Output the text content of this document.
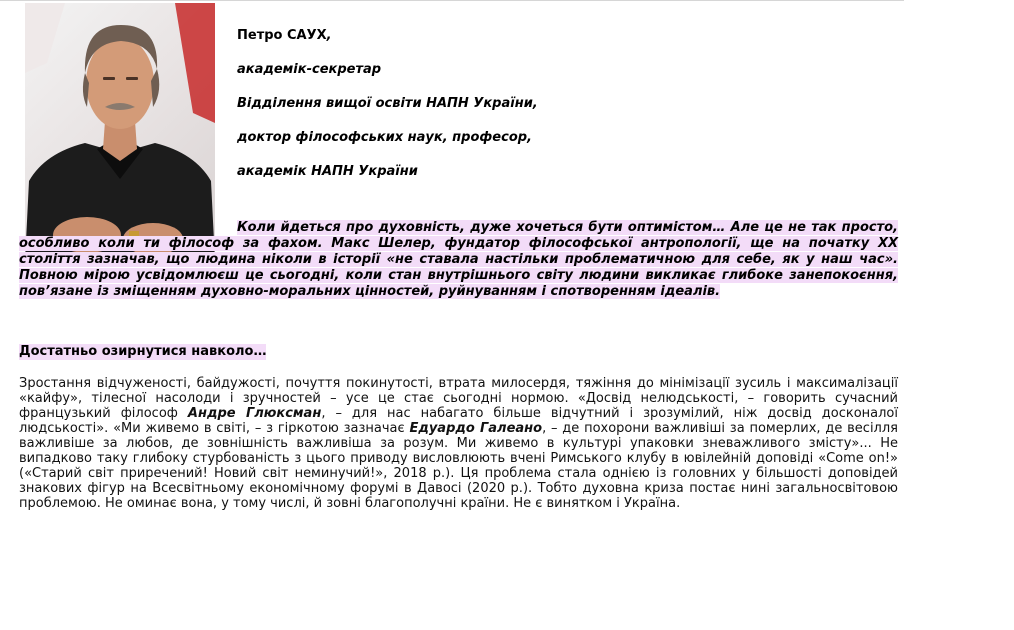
Петро САУХ,

академік-секретар

Відділення вищої освіти НАПН України,

доктор філософських наук, професор,

академік НАПН України

Коли йдеться про духовність, дуже хочеться бути оптимістом… Але це не так просто, особливо коли ти філософ за фахом. Макс Шелер, фундатор філософської антропології, ще на початку ХХ століття зазначав, що людина ніколи в історії «не ставала настільки проблематичною для себе, як у наш час». Повною мірою усвідомлюєш це сьогодні, коли стан внутрішнього світу людини викликає глибоке занепокоєння, пов’язане із зміщенням духовно-моральних цінностей, руйнуванням і спотворенням ідеалів.
Достатньо озирнутися навколо…
Зростання відчуженості, байдужості, почуття покинутості, втрата милосердя, тяжіння до мінімізації зусиль і максималізації «кайфу», тілесної насолоди і зручностей – усе це стає сьогодні нормою. «Досвід нелюдськості, – говорить сучасний французький філософ Андре Глюксман, – для нас набагато більше відчутний і зрозумілий, ніж досвід досконалої людськості». «Ми живемо в світі, – з гіркотою зазначає Едуардо Галеано, – де похорони важливіші за померлих, де весілля важливіше за любов, де зовнішність важливіша за розум. Ми живемо в культурі упаковки зневажливого змісту»... Не випадково таку глибоку стурбованість з цього приводу висловлюють вчені Римського клубу в ювілейній доповіді «Come on!» («Старий світ приречений! Новий світ неминучий!», 2018 р.). Ця проблема стала однією із головних у більшості доповідей знакових фігур на Всесвітньому економічному форумі в Давосі (2020 р.). Тобто духовна криза постає нині загальносвітовою проблемою. Не оминає вона, у тому числі, й зовні благополучні країни. Не є винятком і Україна.
